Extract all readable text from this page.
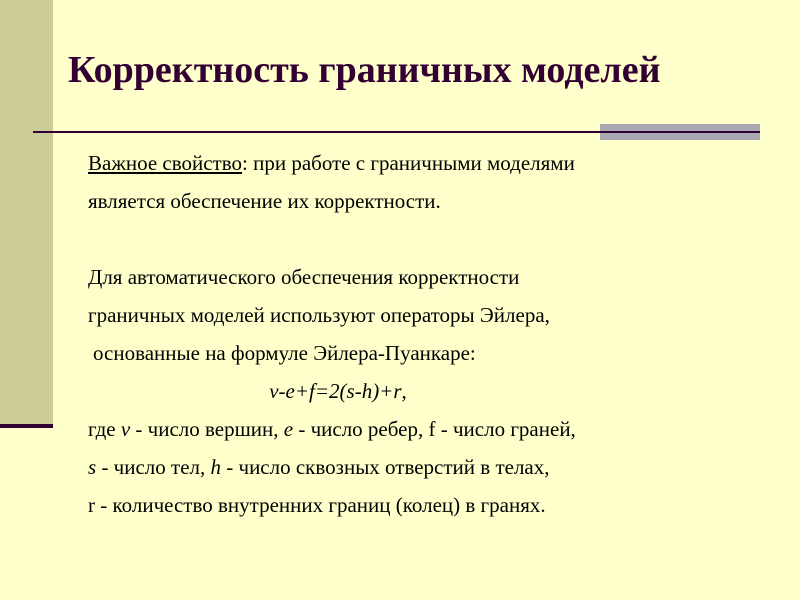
Корректность граничных моделей
Важное свойство: при работе с граничными моделями
является обеспечение их корректности.
Для автоматического обеспечения корректности
граничных моделей используют операторы Эйлера,
основанные на формуле Эйлера-Пуанкаре:
v-e+f=2(s-h)+r,
где v - число вершин, e - число ребер, f - число граней,
s - число тел, h - число сквозных отверстий в телах,
r - количество внутренних границ (колец) в гранях.
